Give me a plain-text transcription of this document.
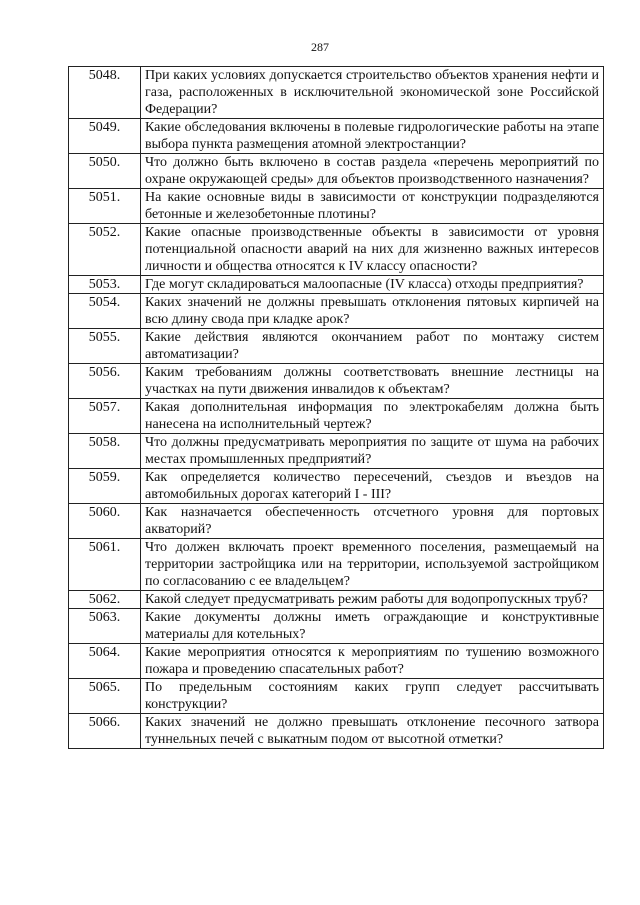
287
5048.	При каких условиях допускается строительство объектов хранения нефти и газа, расположенных в исключительной экономической зоне Российской Федерации?
5049.	Какие обследования включены в полевые гидрологические работы на этапе выбора пункта размещения атомной электростанции?
5050.	Что должно быть включено в состав раздела «перечень мероприятий по охране окружающей среды» для объектов производственного назначения?
5051.	На какие основные виды в зависимости от конструкции подразделяются бетонные и железобетонные плотины?
5052.	Какие опасные производственные объекты в зависимости от уровня потенциальной опасности аварий на них для жизненно важных интересов личности и общества относятся к IV классу опасности?
5053.	Где могут складироваться малоопасные (IV класса) отходы предприятия?
5054.	Каких значений не должны превышать отклонения пятовых кирпичей на всю длину свода при кладке арок?
5055.	Какие действия являются окончанием работ по монтажу систем автоматизации?
5056.	Каким требованиям должны соответствовать внешние лестницы на участках на пути движения инвалидов к объектам?
5057.	Какая дополнительная информация по электрокабелям должна быть нанесена на исполнительный чертеж?
5058.	Что должны предусматривать мероприятия по защите от шума на рабочих местах промышленных предприятий?
5059.	Как определяется количество пересечений, съездов и въездов на автомобильных дорогах категорий I - III?
5060.	Как назначается обеспеченность отсчетного уровня для портовых акваторий?
5061.	Что должен включать проект временного поселения, размещаемый на территории застройщика или на территории, используемой застройщиком по согласованию с ее владельцем?
5062.	Какой следует предусматривать режим работы для водопропускных труб?
5063.	Какие документы должны иметь ограждающие и конструктивные материалы для котельных?
5064.	Какие мероприятия относятся к мероприятиям по тушению возможного пожара и проведению спасательных работ?
5065.	По предельным состояниям каких групп следует рассчитывать конструкции?
5066.	Каких значений не должно превышать отклонение песочного затвора туннельных печей с выкатным подом от высотной отметки?
